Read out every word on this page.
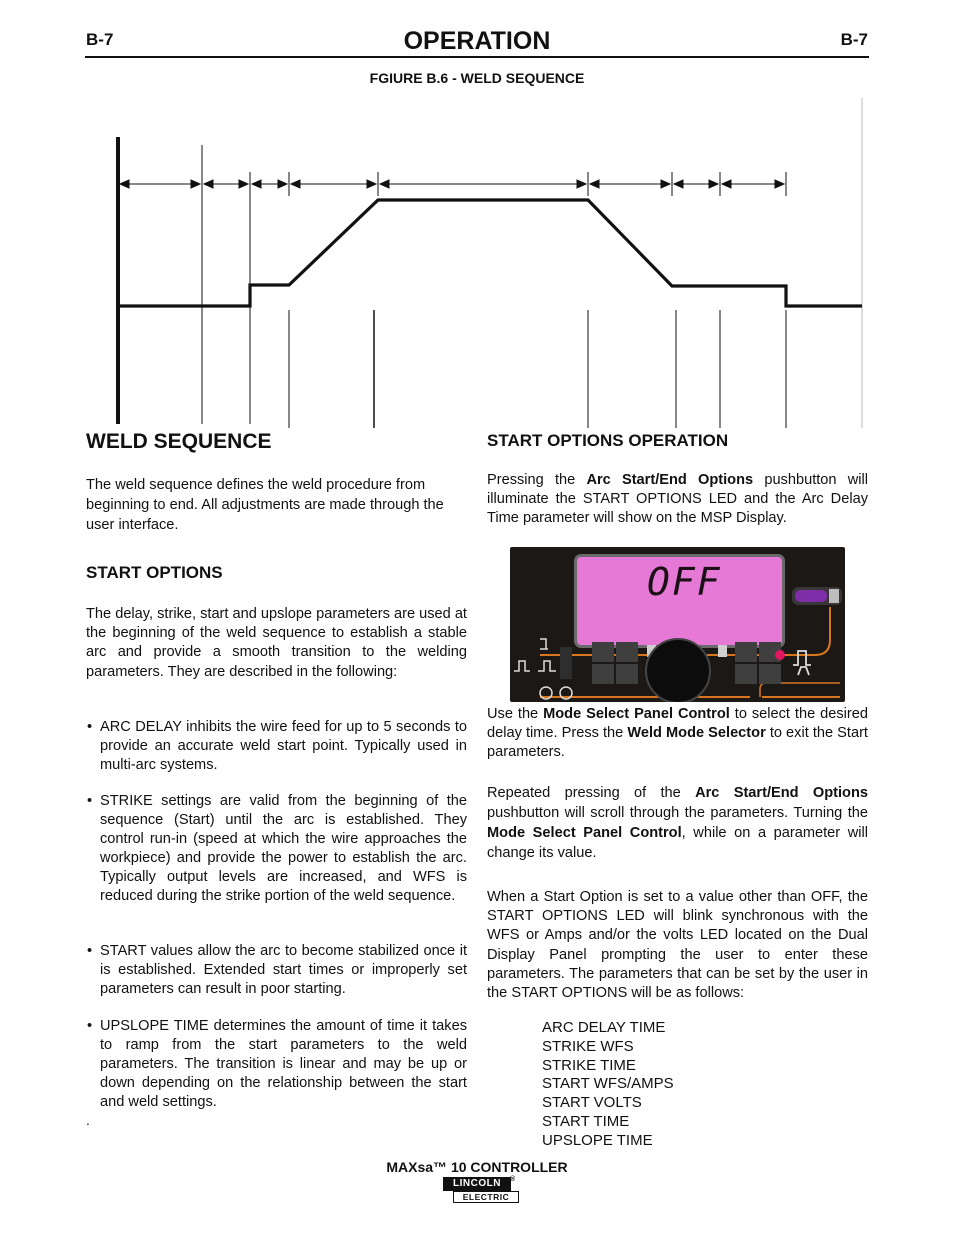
B-7	B-7
OPERATION
FGIURE B.6 - WELD SEQUENCE
WELD SEQUENCE

The weld sequence defines the weld procedure from beginning to end. All adjustments are made through the user interface.

START OPTIONS

The delay, strike, start and upslope parameters are used at the beginning of the weld sequence to establish a stable arc and provide a smooth transition to the welding parameters. They are described in the following:

• ARC DELAY inhibits the wire feed for up to 5 seconds to provide an accurate weld start point. Typically used in multi-arc systems.
• STRIKE settings are valid from the beginning of the sequence (Start) until the arc is established. They control run-in (speed at which the wire approaches the workpiece) and provide the power to establish the arc. Typically output levels are increased, and WFS is reduced during the strike portion of the weld sequence.
• START values allow the arc to become stabilized once it is established. Extended start times or improperly set parameters can result in poor starting.
• UPSLOPE TIME determines the amount of time it takes to ramp from the start parameters to the weld parameters. The transition is linear and may be up or down depending on the relationship between the start and weld settings.
.
START OPTIONS OPERATION

Pressing the Arc Start/End Options pushbutton will illuminate the START OPTIONS LED and the Arc Delay Time parameter will show on the MSP Display.

OFF

Use the Mode Select Panel Control to select the desired delay time. Press the Weld Mode Selector to exit the Start parameters.

Repeated pressing of the Arc Start/End Options pushbutton will scroll through the parameters. Turning the Mode Select Panel Control, while on a parameter will change its value.

When a Start Option is set to a value other than OFF, the START OPTIONS LED will blink synchronous with the WFS or Amps and/or the volts LED located on the Dual Display Panel prompting the user to enter these parameters. The parameters that can be set by the user in the START OPTIONS will be as follows:

ARC DELAY TIME
STRIKE WFS
STRIKE TIME
START WFS/AMPS
START VOLTS
START TIME
UPSLOPE TIME
MAXsa™ 10 CONTROLLER
LINCOLN	®
ELECTRIC
